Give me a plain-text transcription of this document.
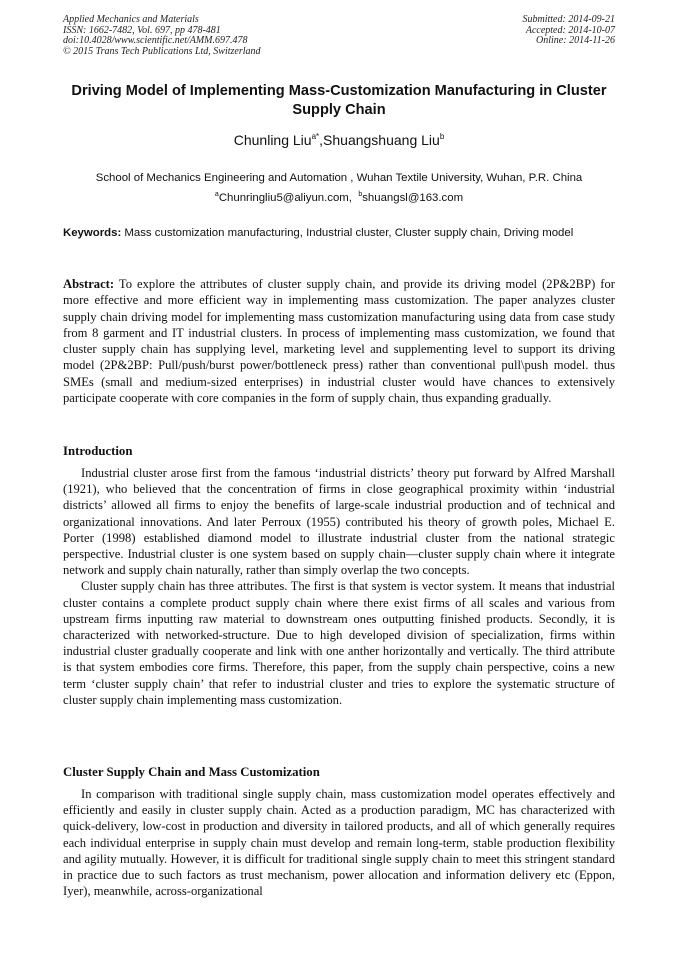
Applied Mechanics and Materials
ISSN: 1662-7482, Vol. 697, pp 478-481
doi:10.4028/www.scientific.net/AMM.697.478
© 2015 Trans Tech Publications Ltd, Switzerland
Submitted: 2014-09-21
Accepted: 2014-10-07
Online: 2014-11-26
Driving Model of Implementing Mass-Customization Manufacturing in Cluster Supply Chain
Chunling Liu$^{a*}$,Shuangshuang Liu$^b$
School of Mechanics Engineering and Automation , Wuhan Textile University, Wuhan, P.R. China
$^a$Chunringliu5@aliyun.com, $^b$shuangsl@163.com
Keywords: Mass customization manufacturing, Industrial cluster, Cluster supply chain, Driving model
Abstract: To explore the attributes of cluster supply chain, and provide its driving model (2P&2BP) for more effective and more efficient way in implementing mass customization. The paper analyzes cluster supply chain driving model for implementing mass customization manufacturing using data from case study from 8 garment and IT industrial clusters. In process of implementing mass customization, we found that cluster supply chain has supplying level, marketing level and supplementing level to support its driving model (2P&2BP: Pull/push/burst power/bottleneck press) rather than conventional pull\push model. thus SMEs (small and medium-sized enterprises) in industrial cluster would have chances to extensively participate cooperate with core companies in the form of supply chain, thus expanding gradually.
Introduction

Industrial cluster arose first from the famous ‘industrial districts’ theory put forward by Alfred Marshall (1921), who believed that the concentration of firms in close geographical proximity within ‘industrial districts’ allowed all firms to enjoy the benefits of large-scale industrial production and of technical and organizational innovations. And later Perroux (1955) contributed his theory of growth poles, Michael E. Porter (1998) established diamond model to illustrate industrial cluster from the national strategic perspective. Industrial cluster is one system based on supply chain—cluster supply chain where it integrate network and supply chain naturally, rather than simply overlap the two concepts.

Cluster supply chain has three attributes. The first is that system is vector system. It means that industrial cluster contains a complete product supply chain where there exist firms of all scales and various from upstream firms inputting raw material to downstream ones outputting finished products. Secondly, it is characterized with networked-structure. Due to high developed division of specialization, firms within industrial cluster gradually cooperate and link with one anther horizontally and vertically. The third attribute is that system embodies core firms. Therefore, this paper, from the supply chain perspective, coins a new term ‘cluster supply chain’ that refer to industrial cluster and tries to explore the systematic structure of cluster supply chain implementing mass customization.

Cluster Supply Chain and Mass Customization

In comparison with traditional single supply chain, mass customization model operates effectively and efficiently and easily in cluster supply chain. Acted as a production paradigm, MC has characterized with quick-delivery, low-cost in production and diversity in tailored products, and all of which generally requires each individual enterprise in supply chain must develop and remain long-term, stable production flexibility and agility mutually. However, it is difficult for traditional single supply chain to meet this stringent standard in practice due to such factors as trust mechanism, power allocation and information delivery etc (Eppon, Iyer), meanwhile, across-organizational
